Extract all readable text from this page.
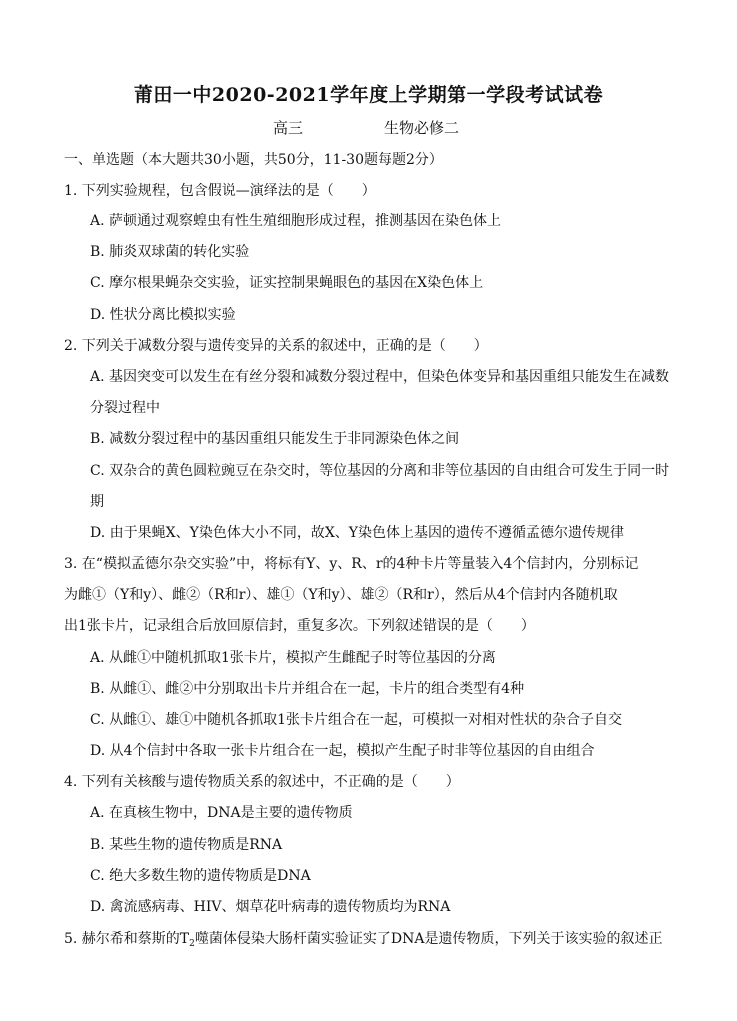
莆田一中2020-2021学年度上学期第一学段考试试卷
高三	生物必修二
一、单选题（本大题共30小题，共50分，11-30题每题2分）
1. 下列实验规程，包含假说—演绎法的是（　　）
A. 萨顿通过观察蝗虫有性生殖细胞形成过程，推测基因在染色体上
B. 肺炎双球菌的转化实验
C. 摩尔根果蝇杂交实验，证实控制果蝇眼色的基因在X染色体上
D. 性状分离比模拟实验
2. 下列关于减数分裂与遗传变异的关系的叙述中，正确的是（　　）
A. 基因突变可以发生在有丝分裂和减数分裂过程中，但染色体变异和基因重组只能发生在减数
分裂过程中
B. 减数分裂过程中的基因重组只能发生于非同源染色体之间
C. 双杂合的黄色圆粒豌豆在杂交时，等位基因的分离和非等位基因的自由组合可发生于同一时
期
D. 由于果蝇X、Y染色体大小不同，故X、Y染色体上基因的遗传不遵循孟德尔遗传规律
3. 在“模拟孟德尔杂交实验”中，将标有Y、y、R、r的4种卡片等量装入4个信封内，分别标记
为雌①（Y和y）、雌②（R和r）、雄①（Y和y）、雄②（R和r），然后从4个信封内各随机取
出1张卡片，记录组合后放回原信封，重复多次。下列叙述错误的是（　　）
A. 从雌①中随机抓取1张卡片，模拟产生雌配子时等位基因的分离
B. 从雌①、雌②中分别取出卡片并组合在一起，卡片的组合类型有4种
C. 从雌①、雄①中随机各抓取1张卡片组合在一起，可模拟一对相对性状的杂合子自交
D. 从4个信封中各取一张卡片组合在一起，模拟产生配子时非等位基因的自由组合
4. 下列有关核酸与遗传物质关系的叙述中，不正确的是（　　）
A. 在真核生物中，DNA是主要的遗传物质
B. 某些生物的遗传物质是RNA
C. 绝大多数生物的遗传物质是DNA
D. 禽流感病毒、HIV、烟草花叶病毒的遗传物质均为RNA
5. 赫尔希和蔡斯的$T_2$噬菌体侵染大肠杆菌实验证实了DNA是遗传物质，下列关于该实验的叙述正
